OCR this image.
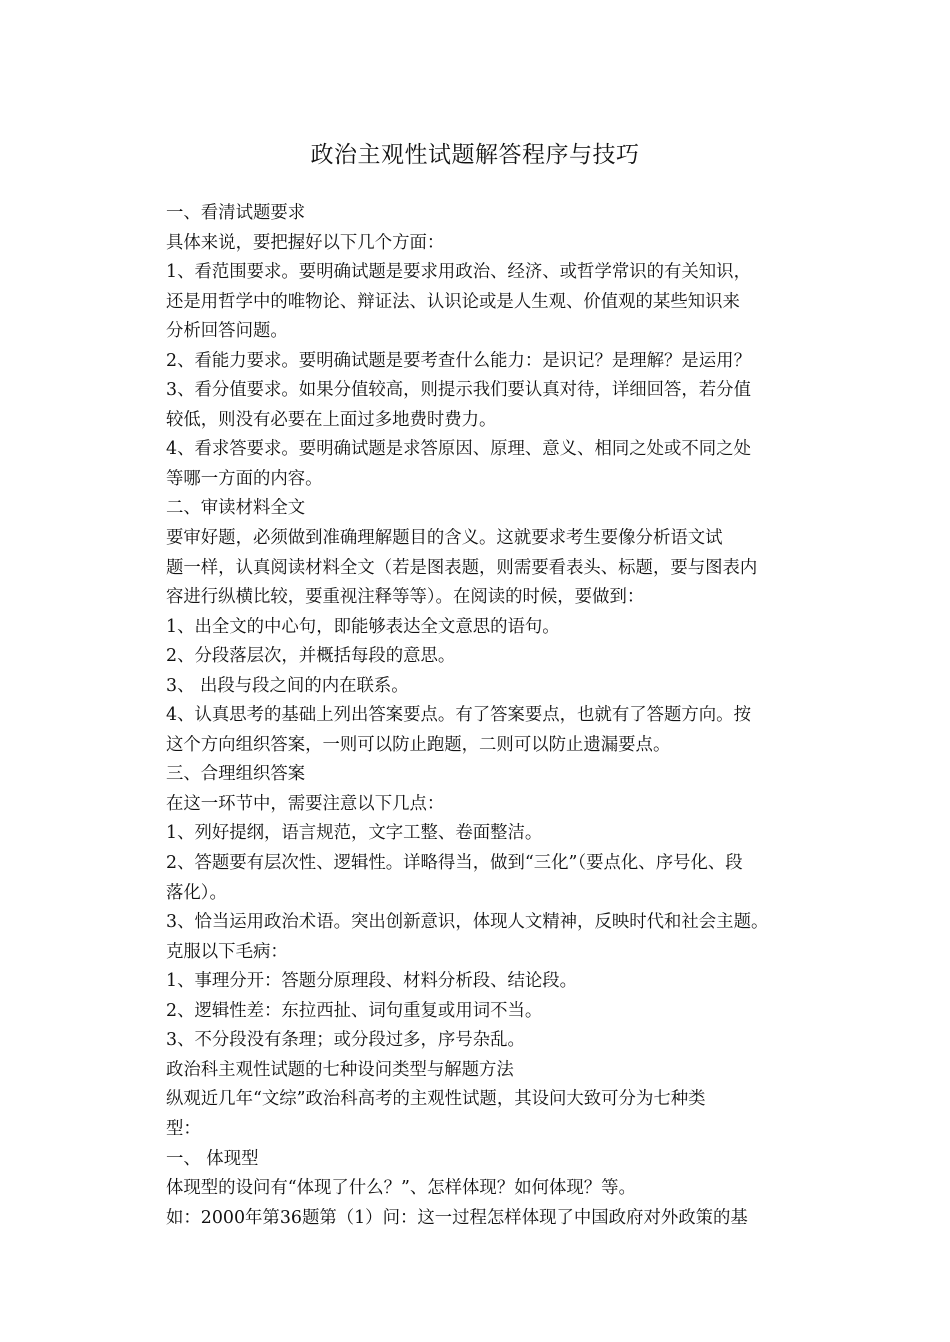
政治主观性试题解答程序与技巧
一、看清试题要求
具体来说，要把握好以下几个方面：
1、看范围要求。要明确试题是要求用政治、经济、或哲学常识的有关知识，
还是用哲学中的唯物论、辩证法、认识论或是人生观、价值观的某些知识来
分析回答问题。
2、看能力要求。要明确试题是要考查什么能力：是识记？是理解？是运用？
3、看分值要求。如果分值较高，则提示我们要认真对待，详细回答，若分值
较低，则没有必要在上面过多地费时费力。
4、看求答要求。要明确试题是求答原因、原理、意义、相同之处或不同之处
等哪一方面的内容。
二、审读材料全文
要审好题，必须做到准确理解题目的含义。这就要求考生要像分析语文试
题一样，认真阅读材料全文（若是图表题，则需要看表头、标题，要与图表内
容进行纵横比较，要重视注释等等）。在阅读的时候，要做到：
1、出全文的中心句，即能够表达全文意思的语句。
2、分段落层次，并概括每段的意思。
3、 出段与段之间的内在联系。
4、认真思考的基础上列出答案要点。有了答案要点，也就有了答题方向。按
这个方向组织答案，一则可以防止跑题，二则可以防止遗漏要点。
三、合理组织答案
在这一环节中，需要注意以下几点：
1、列好提纲，语言规范，文字工整、卷面整洁。
2、答题要有层次性、逻辑性。详略得当，做到“三化”（要点化、序号化、段
落化）。
3、恰当运用政治术语。突出创新意识，体现人文精神，反映时代和社会主题。
克服以下毛病：
1、事理分开：答题分原理段、材料分析段、结论段。
2、逻辑性差：东拉西扯、词句重复或用词不当。
3、不分段没有条理；或分段过多，序号杂乱。
政治科主观性试题的七种设问类型与解题方法
纵观近几年“文综”政治科高考的主观性试题，其设问大致可分为七种类
型：
一、 体现型
体现型的设问有“体现了什么？”、怎样体现？如何体现？等。
如：2000年第36题第（1）问：这一过程怎样体现了中国政府对外政策的基
